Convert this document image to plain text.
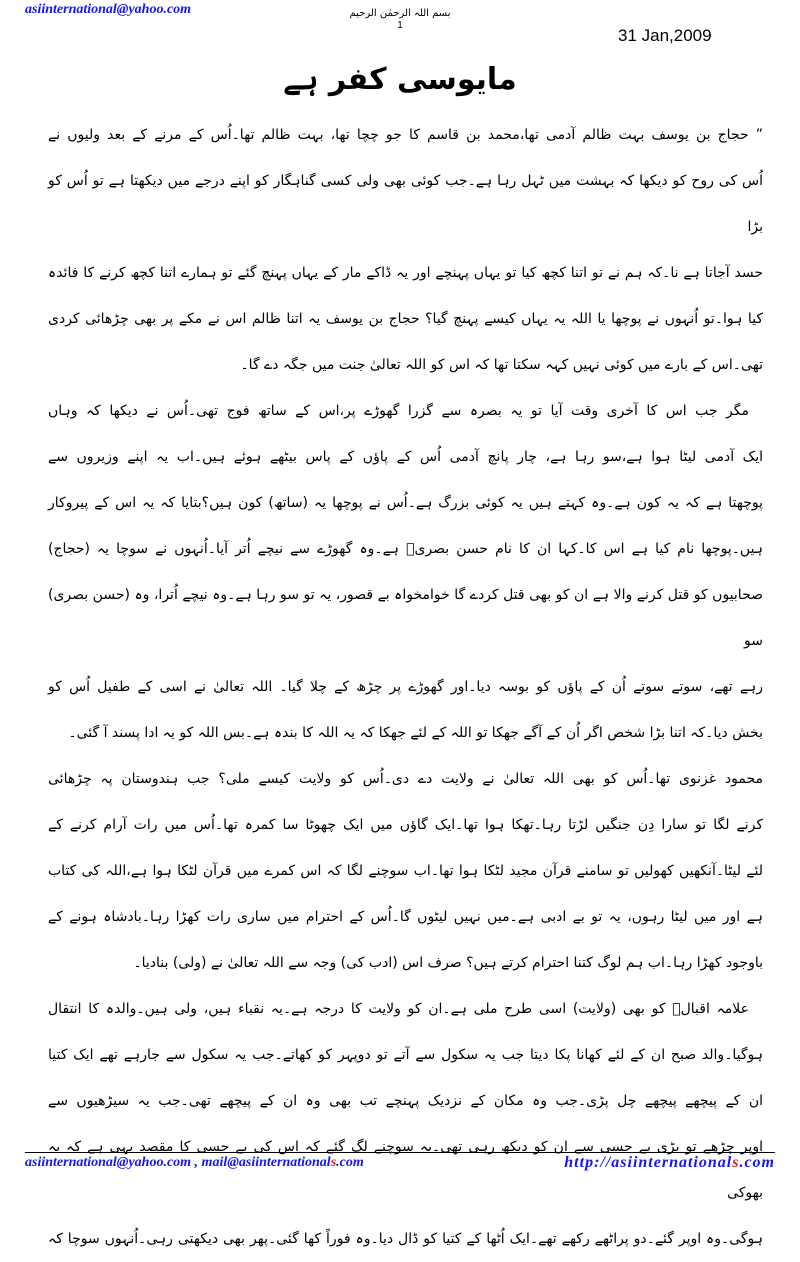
asiinternational@yahoo.com	بسم اللہ الرحمٰن الرحیم
1
31 Jan,2009
مایوسی کفر ہے
” حجاج بن یوسف بہت ظالم آدمی تھا،محمد بن قاسم کا جو چچا تھا، بہت ظالم تھا۔اُس کے مرنے کے بعد ولیوں نے
اُس کی روح کو دیکھا کہ بہشت میں ٹہل رہا ہے۔جب کوئی بھی ولی کسی گناہگار کو اپنے درجے میں دیکھتا ہے تو اُس کو بڑا
حسد آجاتا ہے نا۔کہ ہم نے تو اتنا کچھ کیا تو یہاں پہنچے اور یہ ڈاکے مار کے یہاں پہنچ گئے تو ہمارے اتنا کچھ کرنے کا فائدہ
کیا ہوا۔تو اُنہوں نے پوچھا یا اللہ یہ یہاں کیسے پہنچ گیا؟ حجاج بن یوسف یہ اتنا ظالم اس نے مکے پر بھی چڑھائی کردی
تھی۔اس کے بارے میں کوئی نہیں کہہ سکتا تھا کہ اس کو اللہ تعالیٰ جنت میں جگہ دے گا۔
مگر جب اس کا آخری وقت آیا تو یہ بصرہ سے گزرا گھوڑے پر،اس کے ساتھ فوج تھی۔اُس نے دیکھا کہ وہاں
ایک آدمی لیٹا ہوا ہے،سو رہا ہے، چار پانچ آدمی اُس کے پاؤں کے پاس بیٹھے ہوئے ہیں۔اب یہ اپنے وزیروں سے
پوچھتا ہے کہ یہ کون ہے۔وہ کہتے ہیں یہ کوئی بزرگ ہے۔اُس نے پوچھا یہ (ساتھ) کون ہیں؟بتایا کہ یہ اس کے پیروکار
ہیں۔پوچھا نام کیا ہے اس کا۔کہا ان کا نام حسن بصریؒ ہے۔وہ گھوڑے سے نیچے اُتر آیا۔اُنہوں نے سوچا یہ (حجاج)
صحابیوں کو قتل کرنے والا ہے ان کو بھی قتل کردے گا خوامخواہ بے قصور، یہ تو سو رہا ہے۔وہ نیچے اُترا، وہ (حسن بصری) سو
رہے تھے، سوتے سوتے اُن کے پاؤں کو بوسہ دیا۔اور گھوڑے پر چڑھ کے چلا گیا۔ اللہ تعالیٰ نے اسی کے طفیل اُس کو
بخش دیا۔کہ اتنا بڑا شخص اگر اُن کے آگے جھکا تو اللہ کے لئے جھکا کہ یہ اللہ کا بندہ ہے۔بس اللہ کو یہ ادا پسند آ گئی۔
محمود غزنوی تھا۔اُس کو بھی اللہ تعالیٰ نے ولایت دے دی۔اُس کو ولایت کیسے ملی؟ جب ہندوستان پہ چڑھائی
کرنے لگا تو سارا دِن جنگیں لڑتا رہا۔تھکا ہوا تھا۔ایک گاؤں میں ایک چھوٹا سا کمرہ تھا۔اُس میں رات آرام کرنے کے
لئے لیٹا۔آنکھیں کھولیں تو سامنے قرآن مجید لٹکا ہوا تھا۔اب سوچنے لگا کہ اس کمرے میں قرآن لٹکا ہوا ہے،اللہ کی کتاب
ہے اور میں لیٹا رہوں، یہ تو بے ادبی ہے۔میں نہیں لیٹوں گا۔اُس کے احترام میں ساری رات کھڑا رہا۔بادشاہ ہونے کے
باوجود کھڑا رہا۔اب ہم لوگ کتنا احترام کرتے ہیں؟ صرف اس (ادب کی) وجہ سے اللہ تعالیٰ نے (ولی) بنادیا۔
علامہ اقبالؒ کو بھی (ولایت) اسی طرح ملی ہے۔ان کو ولایت کا درجہ ہے۔یہ نقباء ہیں، ولی ہیں۔والدہ کا انتقال
ہوگیا۔والد صبح ان کے لئے کھانا پکا دیتا جب یہ سکول سے آتے تو دوپہر کو کھاتے۔جب یہ سکول سے جارہے تھے ایک کتیا
ان کے پیچھے پیچھے چل پڑی۔جب وہ مکان کے نزدیک پہنچے تب بھی وہ ان کے پیچھے تھی۔جب یہ سیڑھیوں سے
اوپر چڑھے تو بڑی بے حسی سے ان کو دیکھ رہی تھی۔یہ سوچنے لگ گئے کہ اس کی بے حسی کا مقصد یہی ہے کہ یہ بھوکی
ہوگی۔وہ اوپر گئے۔دو پراٹھے رکھے تھے۔ایک اُٹھا کے کتیا کو ڈال دیا۔وہ فوراً کھا گئی۔پھر بھی دیکھتی رہی۔اُنہوں سوچا کہ
asiinternational@yahoo.com , mail@asiinternationals.com	http://asiinternationals.com
